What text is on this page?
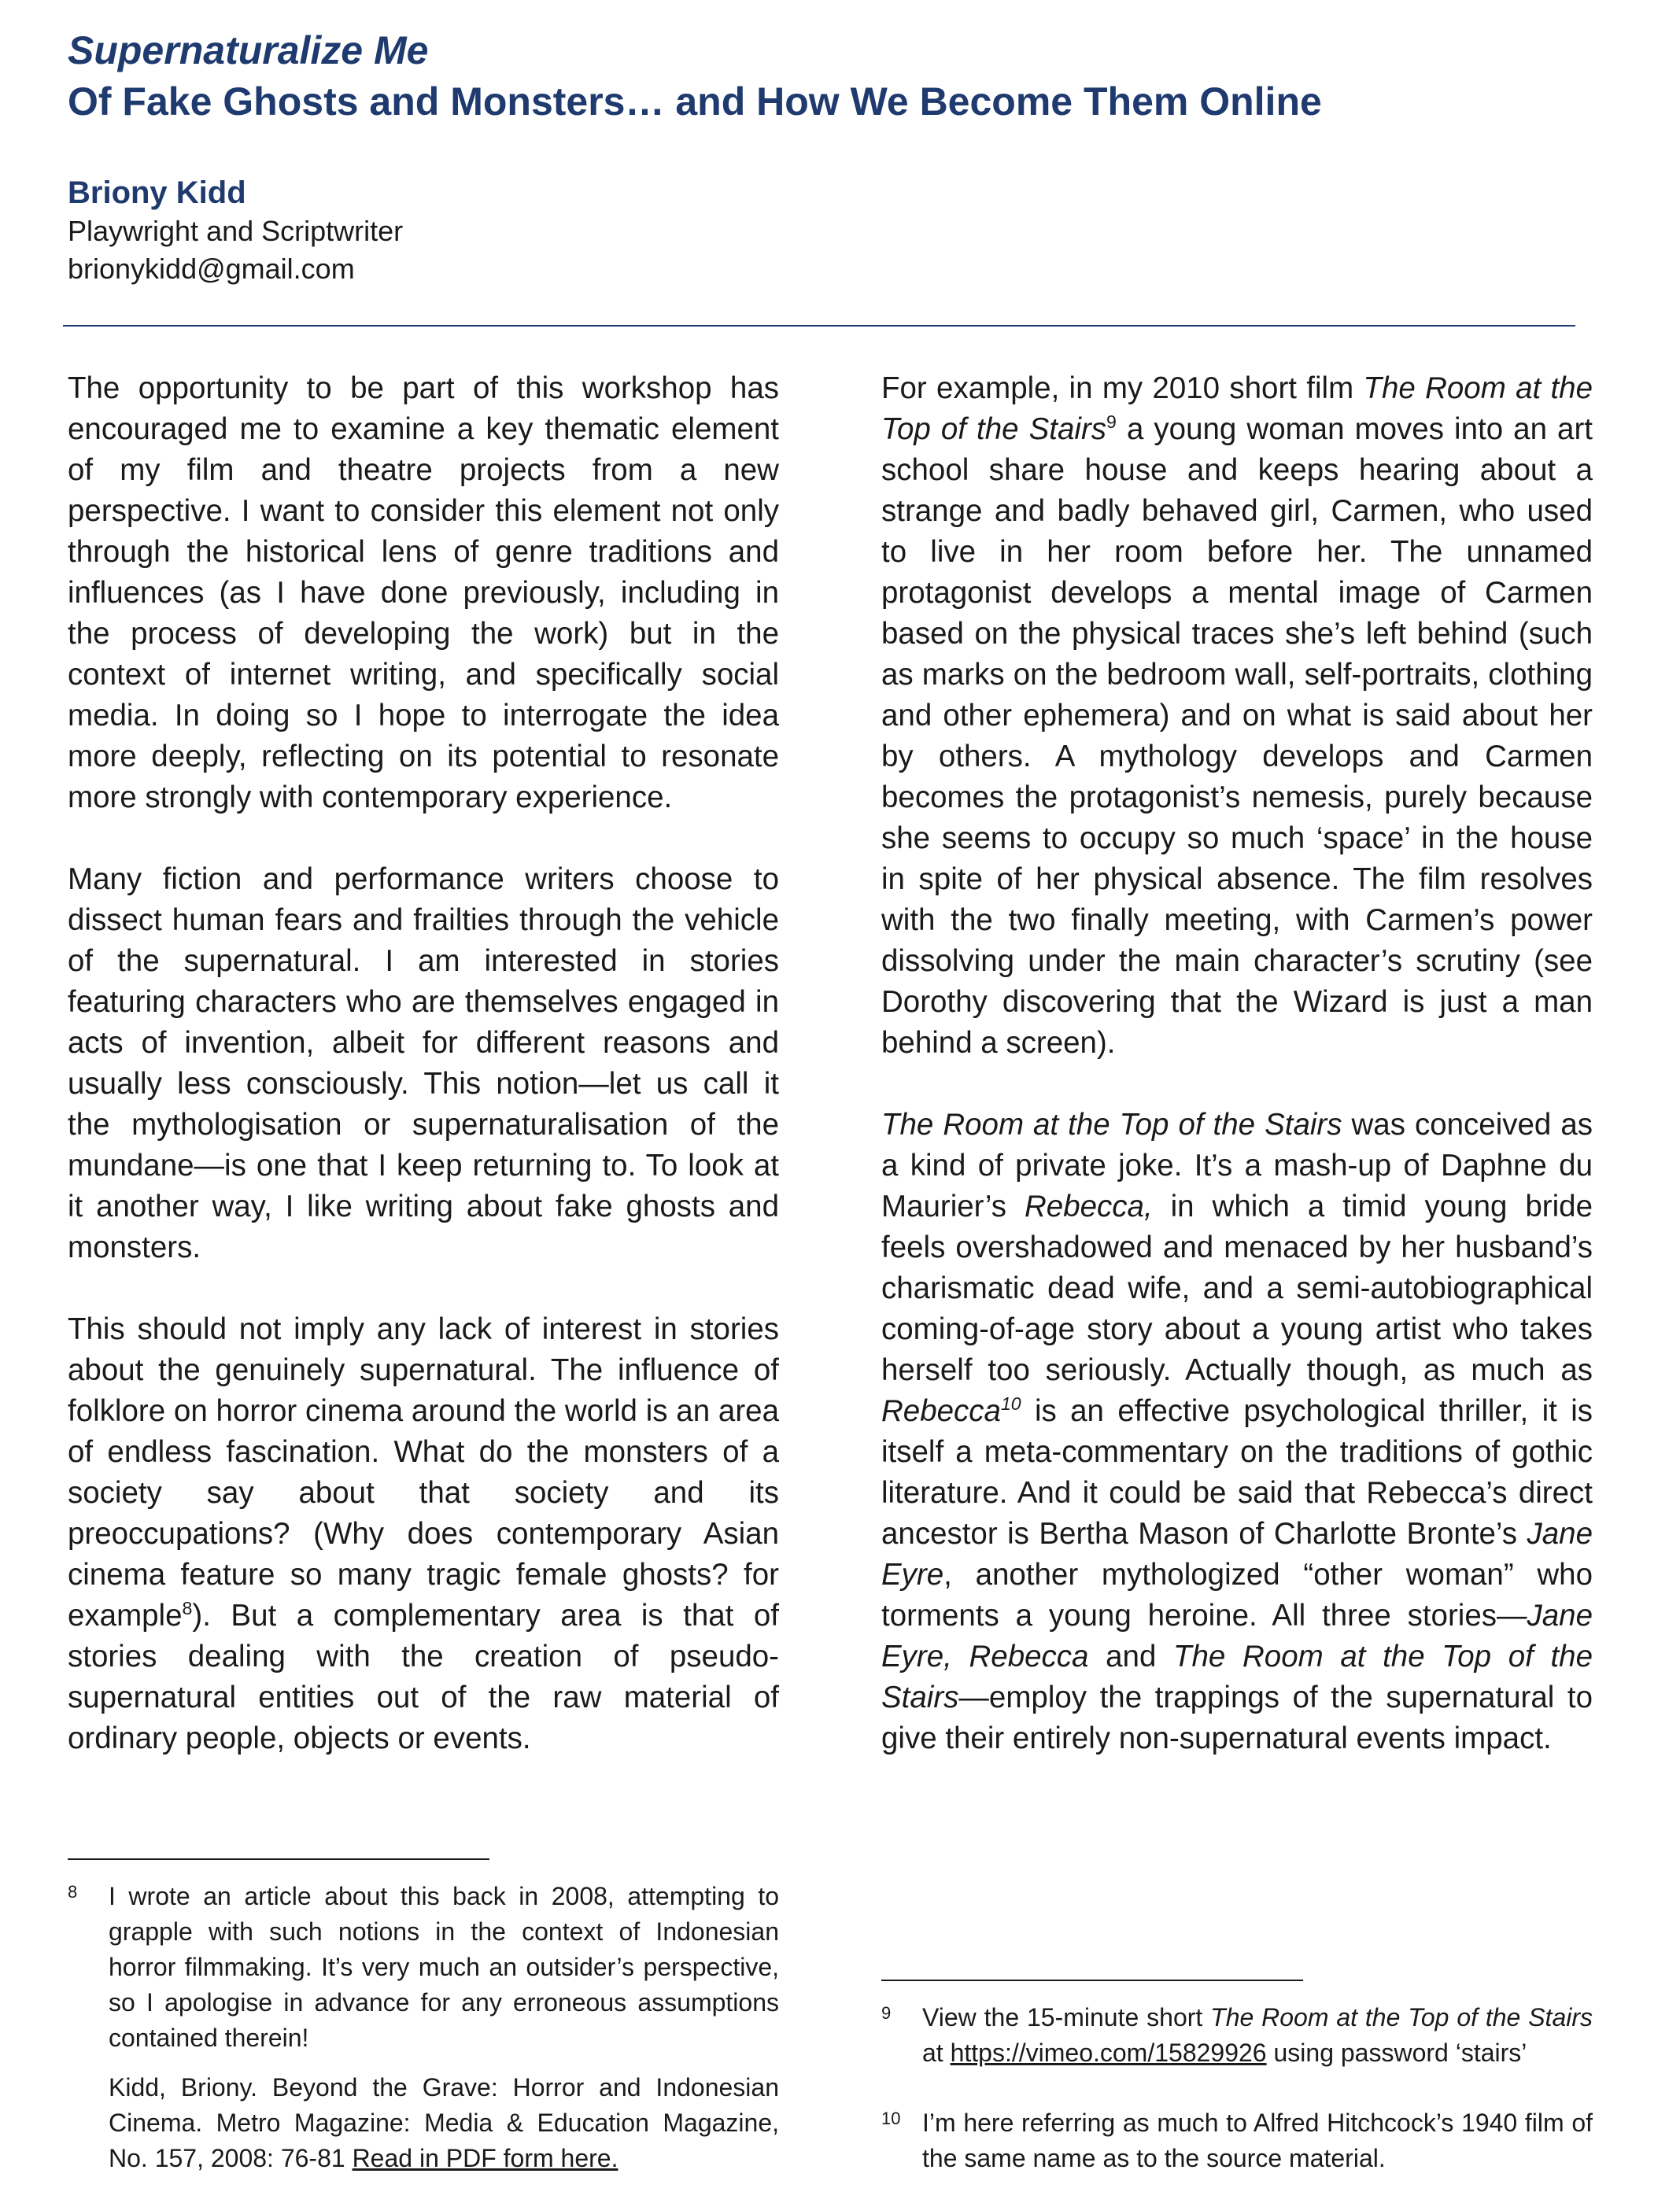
Supernaturalize Me
Of Fake Ghosts and Monsters… and How We Become Them Online
Briony Kidd
Playwright and Scriptwriter
brionykidd@gmail.com

The opportunity to be part of this workshop has encouraged me to examine a key thematic element of my film and theatre projects from a new perspective. I want to consider this element not only through the historical lens of genre traditions and influences (as I have done previously, including in the process of developing the work) but in the context of internet writing, and specifically social media. In doing so I hope to interrogate the idea more deeply, reflecting on its potential to resonate more strongly with contemporary experience.

Many fiction and performance writers choose to dissect human fears and frailties through the vehicle of the supernatural. I am interested in stories featuring characters who are themselves engaged in acts of invention, albeit for different reasons and usually less consciously. This notion—let us call it the mythologisation or supernaturalisation of the mundane—is one that I keep returning to. To look at it another way, I like writing about fake ghosts and monsters.

This should not imply any lack of interest in stories about the genuinely supernatural. The influence of folklore on horror cinema around the world is an area of endless fascination. What do the monsters of a society say about that society and its preoccupations? (Why does contemporary Asian cinema feature so many tragic female ghosts? for example$^8$). But a complementary area is that of stories dealing with the creation of pseudo-supernatural entities out of the raw material of ordinary people, objects or events.

For example, in my 2010 short film The Room at the Top of the Stairs$^9$ a young woman moves into an art school share house and keeps hearing about a strange and badly behaved girl, Carmen, who used to live in her room before her. The unnamed protagonist develops a mental image of Carmen based on the physical traces she’s left behind (such as marks on the bedroom wall, self-portraits, clothing and other ephemera) and on what is said about her by others. A mythology develops and Carmen becomes the protagonist’s nemesis, purely because she seems to occupy so much ‘space’ in the house in spite of her physical absence. The film resolves with the two finally meeting, with Carmen’s power dissolving under the main character’s scrutiny (see Dorothy discovering that the Wizard is just a man behind a screen).

The Room at the Top of the Stairs was conceived as a kind of private joke. It’s a mash-up of Daphne du Maurier’s Rebecca, in which a timid young bride feels overshadowed and menaced by her husband’s charismatic dead wife, and a semi-autobiographical coming-of-age story about a young artist who takes herself too seriously. Actually though, as much as Rebecca$^{10}$ is an effective psychological thriller, it is itself a meta-commentary on the traditions of gothic literature. And it could be said that Rebecca’s direct ancestor is Bertha Mason of Charlotte Bronte’s Jane Eyre, another mythologized “other woman” who torments a young heroine. All three stories—Jane Eyre, Rebecca and The Room at the Top of the Stairs—employ the trappings of the supernatural to give their entirely non-supernatural events impact.

8 I wrote an article about this back in 2008, attempting to grapple with such notions in the context of Indonesian horror filmmaking. It’s very much an outsider’s perspective, so I apologise in advance for any erroneous assumptions contained therein!

Kidd, Briony. Beyond the Grave: Horror and Indonesian Cinema. Metro Magazine: Media & Education Magazine, No. 157, 2008: 76-81 Read in PDF form here.

9 View the 15-minute short The Room at the Top of the Stairs at https://vimeo.com/15829926 using password ‘stairs’

10 I’m here referring as much to Alfred Hitchcock’s 1940 film of the same name as to the source material.
